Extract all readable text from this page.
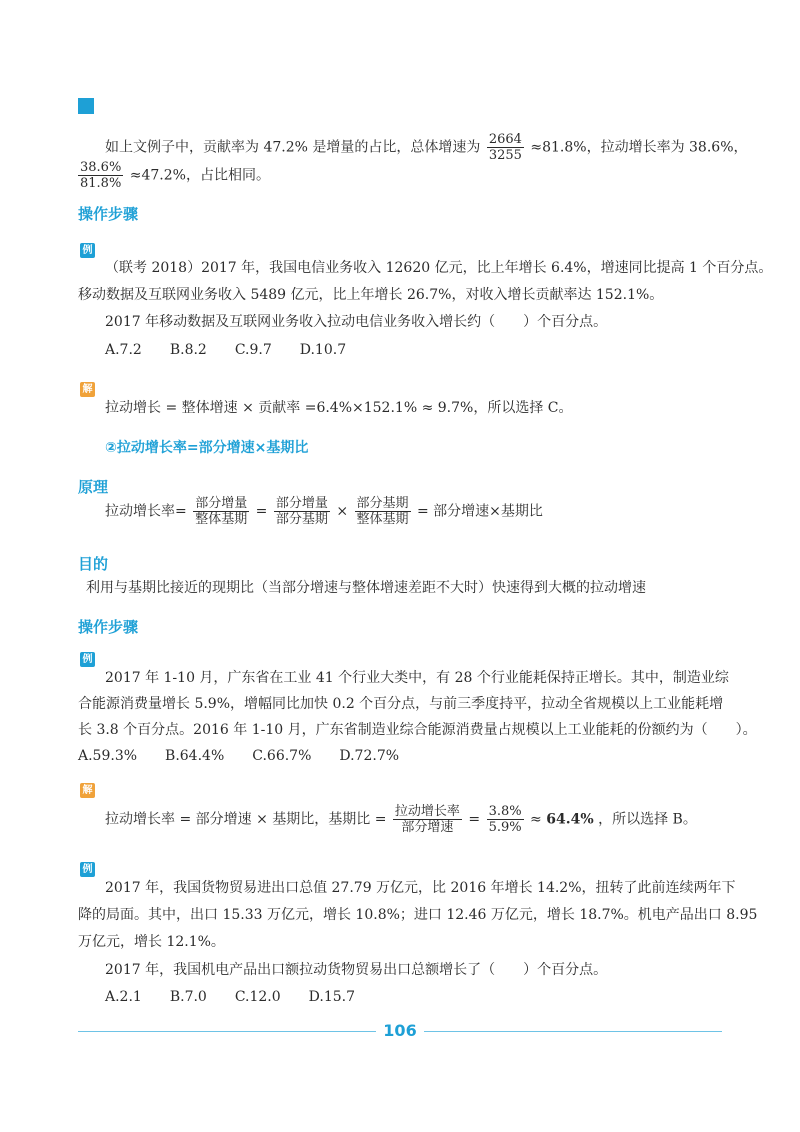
如上文例子中，贡献率为 47.2% 是增量的占比，总体增速为 $\frac{2664}{3255} \approx 81.8\%$，拉动增长率为 38.6%，
$\frac{38.6\%}{81.8\%} \approx 47.2\%$，占比相同。
操作步骤
例
（联考 2018）2017 年，我国电信业务收入 12620 亿元，比上年增长 6.4%，增速同比提高 1 个百分点。
移动数据及互联网业务收入 5489 亿元，比上年增长 26.7%，对收入增长贡献率达 152.1%。
2017 年移动数据及互联网业务收入拉动电信业务收入增长约（　　）个百分点。
A.7.2　　B.8.2　　C.9.7　　D.10.7
解
拉动增长 = 整体增速 × 贡献率 =6.4%×152.1% ≈ 9.7%，所以选择 C。
②拉动增长率=部分增速×基期比
原理
拉动增长率= $\frac{\text{部分增量}}{\text{整体基期}} = \frac{\text{部分增量}}{\text{部分基期}} \times \frac{\text{部分基期}}{\text{整体基期}}$ = 部分增速×基期比
目的
利用与基期比接近的现期比（当部分增速与整体增速差距不大时）快速得到大概的拉动增速
操作步骤
例
2017 年 1-10 月，广东省在工业 41 个行业大类中，有 28 个行业能耗保持正增长。其中，制造业综
合能源消费量增长 5.9%，增幅同比加快 0.2 个百分点，与前三季度持平，拉动全省规模以上工业能耗增
长 3.8 个百分点。2016 年 1-10 月，广东省制造业综合能源消费量占规模以上工业能耗的份额约为（　　）。
A.59.3%　　B.64.4%　　C.66.7%　　D.72.7%
解
拉动增长率 = 部分增速 × 基期比，基期比 = $\frac{\text{拉动增长率}}{\text{部分增速}} = \frac{3.8\%}{5.9\%} \approx 64.4\%$ ，所以选择 B。
例
2017 年，我国货物贸易进出口总值 27.79 万亿元，比 2016 年增长 14.2%，扭转了此前连续两年下
降的局面。其中，出口 15.33 万亿元，增长 10.8%；进口 12.46 万亿元，增长 18.7%。机电产品出口 8.95
万亿元，增长 12.1%。
2017 年，我国机电产品出口额拉动货物贸易出口总额增长了（　　）个百分点。
A.2.1　　B.7.0　　C.12.0　　D.15.7
106
